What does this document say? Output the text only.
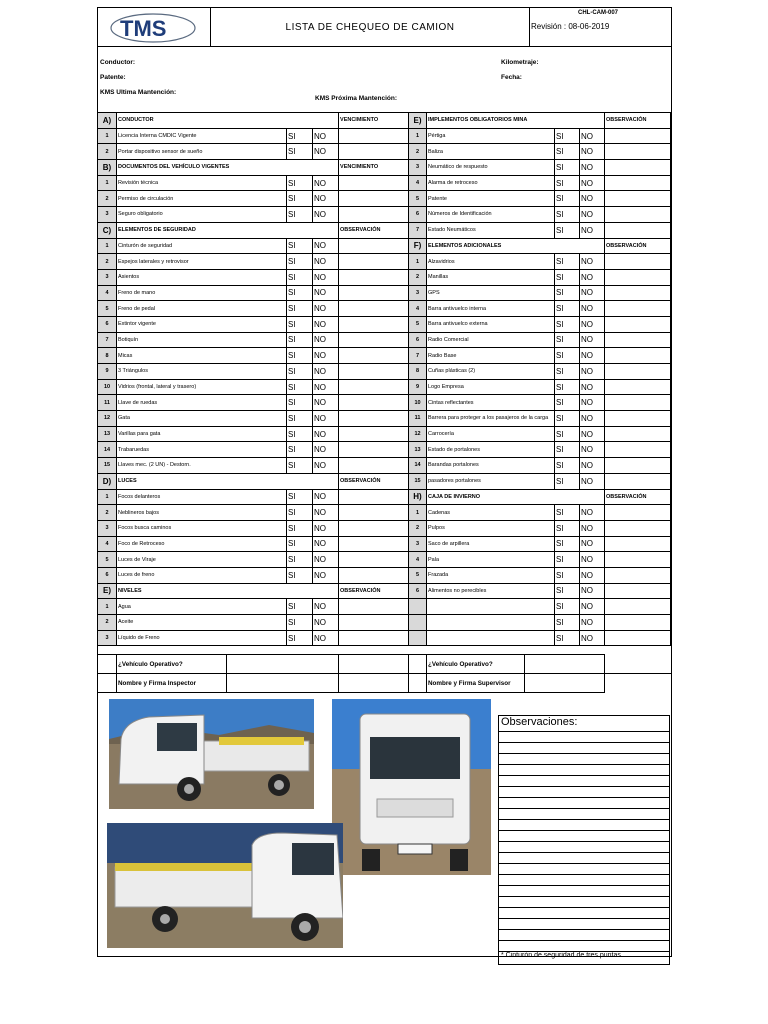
TMS	LISTA DE CHEQUEO DE CAMION
CHL-CAM-007
Revisión : 08-06-2019
Conductor:
Patente:
KMS Ultima Mantención:
KMS Próxima Mantención:
Kilometraje:
Fecha:
A)	CONDUCTOR			VENCIMIENTO
1	Licencia Interna CMDIC Vigente	SI	NO	
2	Portar dispositivo sensor de sueño	SI	NO	
B)	DOCUMENTOS DEL VEHÍCULO VIGENTES			VENCIMIENTO
1	Revisión técnica	SI	NO	
2	Permiso de circulación	SI	NO	
3	Seguro obligatorio	SI	NO	
C)	ELEMENTOS DE SEGURIDAD			OBSERVACIÓN
1	Cinturón de seguridad	SI	NO	
2	Espejos laterales y retrovisor	SI	NO	
3	Asientos	SI	NO	
4	Freno de mano	SI	NO	
5	Freno de pedal	SI	NO	
6	Extintor vigente	SI	NO	
7	Botiquín	SI	NO	
8	Micas	SI	NO	
9	3 Triángulos	SI	NO	
10	Vidrios (frontal, lateral y trasero)	SI	NO	
11	Llave de ruedas	SI	NO	
12	Gata	SI	NO	
13	Varillas para gata	SI	NO	
14	Trabaruedas	SI	NO	
15	Llaves mec. (2 UN) - Destorn.	SI	NO	
D)	LUCES			OBSERVACIÓN
1	Focos delanteros	SI	NO	
2	Neblineros bajos	SI	NO	
3	Focos busca caminos	SI	NO	
4	Foco de Retroceso	SI	NO	
5	Luces de Viraje	SI	NO	
6	Luces de freno	SI	NO	
E)	NIVELES			OBSERVACIÓN
1	Agua	SI	NO	
2	Aceite	SI	NO	
3	Líquido de Freno	SI	NO	
E)	IMPLEMENTOS OBLIGATORIOS MINA			OBSERVACIÓN
1	Pértiga	SI	NO	
2	Baliza	SI	NO	
3	Neumático de respuesto	SI	NO	
4	Alarma de retroceso	SI	NO	
5	Patente	SI	NO	
6	Números de Identificación	SI	NO	
7	Estado Neumáticos	SI	NO	
F)	ELEMENTOS ADICIONALES			OBSERVACIÓN
1	Alzavidrios	SI	NO	
2	Manillas	SI	NO	
3	GPS	SI	NO	
4	Barra antivuelco interna	SI	NO	
5	Barra antivuelco externa	SI	NO	
6	Radio Comercial	SI	NO	
7	Radio Base	SI	NO	
8	Cuñas plásticas (2)	SI	NO	
9	Logo Empresa	SI	NO	
10	Cintas reflectantes	SI	NO	
11	Barrera para proteger a los pasajeros de la carga	SI	NO	
12	Carrocería	SI	NO	
13	Estado de portalones	SI	NO	
14	Barandas portalones	SI	NO	
15	pasadores portalones	SI	NO	
H)	CAJA DE INVIERNO			OBSERVACIÓN
1	Cadenas	SI	NO	
2	Pulpos	SI	NO	
3	Saco de arpillera	SI	NO	
4	Pala	SI	NO	
5	Frazada	SI	NO	
6	Alimentos no perecibles	SI	NO	
		SI	NO	
		SI	NO	
		SI	NO	
	¿Vehículo Operativo?				¿Vehículo Operativo?		
	Nombre y Firma Inspector				Nombre y Firma Supervisor		
Observaciones:
* Cinturón de seguridad de tres puntas
